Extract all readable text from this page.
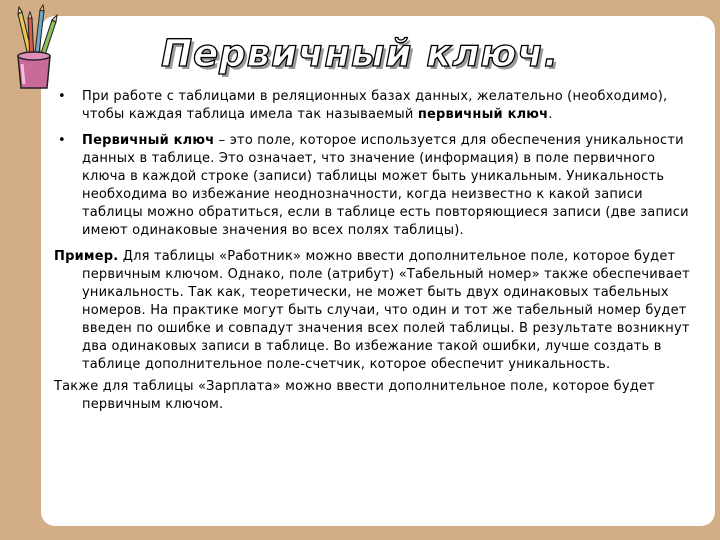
Первичный ключ.
• При работе с таблицами в реляционных базах данных, желательно (необходимо), чтобы каждая таблица имела так называемый первичный ключ.
• Первичный ключ – это поле, которое используется для обеспечения уникальности данных в таблице. Это означает, что значение (информация) в поле первичного ключа в каждой строке (записи) таблицы может быть уникальным. Уникальность необходима во избежание неоднозначности, когда неизвестно к какой записи таблицы можно обратиться, если в таблице есть повторяющиеся записи (две записи имеют одинаковые значения во всех полях таблицы).
Пример. Для таблицы «Работник» можно ввести дополнительное поле, которое будет первичным ключом. Однако, поле (атрибут) «Табельный номер» также обеспечивает уникальность. Так как, теоретически, не может быть двух одинаковых табельных номеров. На практике могут быть случаи, что один и тот же табельный номер будет введен по ошибке и совпадут значения всех полей таблицы. В результате возникнут два одинаковых записи в таблице. Во избежание такой ошибки, лучше создать в таблице дополнительное поле-счетчик, которое обеспечит уникальность.
Также для таблицы «Зарплата» можно ввести дополнительное поле, которое будет первичным ключом.
